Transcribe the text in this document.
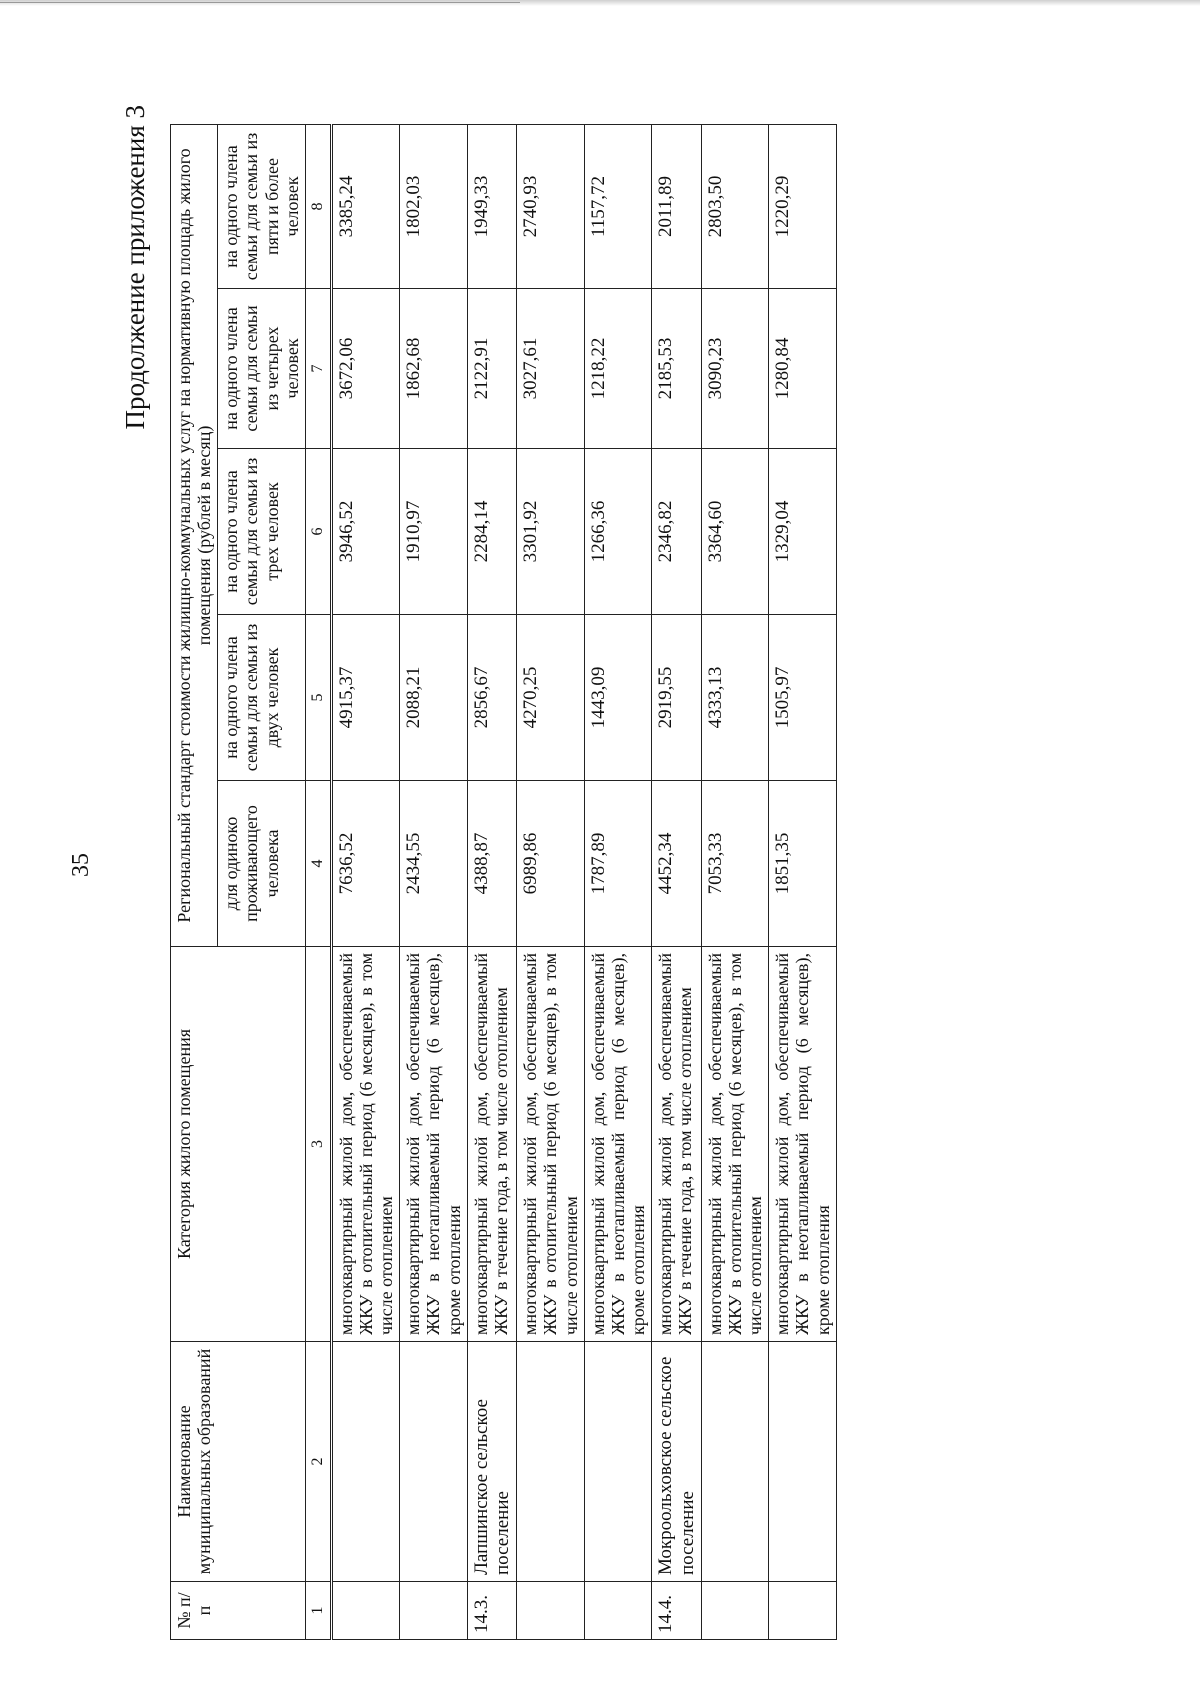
35
Продолжение приложения 3
№ п/п	Наименование муниципальных образований	Категория жилого помещения	Региональный стандарт стоимости жилищно-коммунальных услуг на нормативную площадь жилого помещения (рублей в месяц)				
			для одиноко проживающего человека	на одного члена семьи для семьи из двух человек	на одного члена семьи для семьи из трех человек	на одного члена семьи для семьи из четырех человек	на одного члена семьи для семьи из пяти и более человек
1	2	3	4	5	6	7	8
		многоквартирный жилой дом, обеспечиваемый ЖКУ в отопительный период (6 месяцев), в том числе отоплением	7636,52	4915,37	3946,52	3672,06	3385,24
		многоквартирный жилой дом, обеспечиваемый ЖКУ в неотапливаемый период (6 месяцев), кроме отопления	2434,55	2088,21	1910,97	1862,68	1802,03
14.3.	Лапшинское сельское поселение	многоквартирный жилой дом, обеспечиваемый ЖКУ в течение года, в том числе отоплением	4388,87	2856,67	2284,14	2122,91	1949,33
		многоквартирный жилой дом, обеспечиваемый ЖКУ в отопительный период (6 месяцев), в том числе отоплением	6989,86	4270,25	3301,92	3027,61	2740,93
		многоквартирный жилой дом, обеспечиваемый ЖКУ в неотапливаемый период (6 месяцев), кроме отопления	1787,89	1443,09	1266,36	1218,22	1157,72
14.4.	Мокроольховское сельское поселение	многоквартирный жилой дом, обеспечиваемый ЖКУ в течение года, в том числе отоплением	4452,34	2919,55	2346,82	2185,53	2011,89
		многоквартирный жилой дом, обеспечиваемый ЖКУ в отопительный период (6 месяцев), в том числе отоплением	7053,33	4333,13	3364,60	3090,23	2803,50
		многоквартирный жилой дом, обеспечиваемый ЖКУ в неотапливаемый период (6 месяцев), кроме отопления	1851,35	1505,97	1329,04	1280,84	1220,29
